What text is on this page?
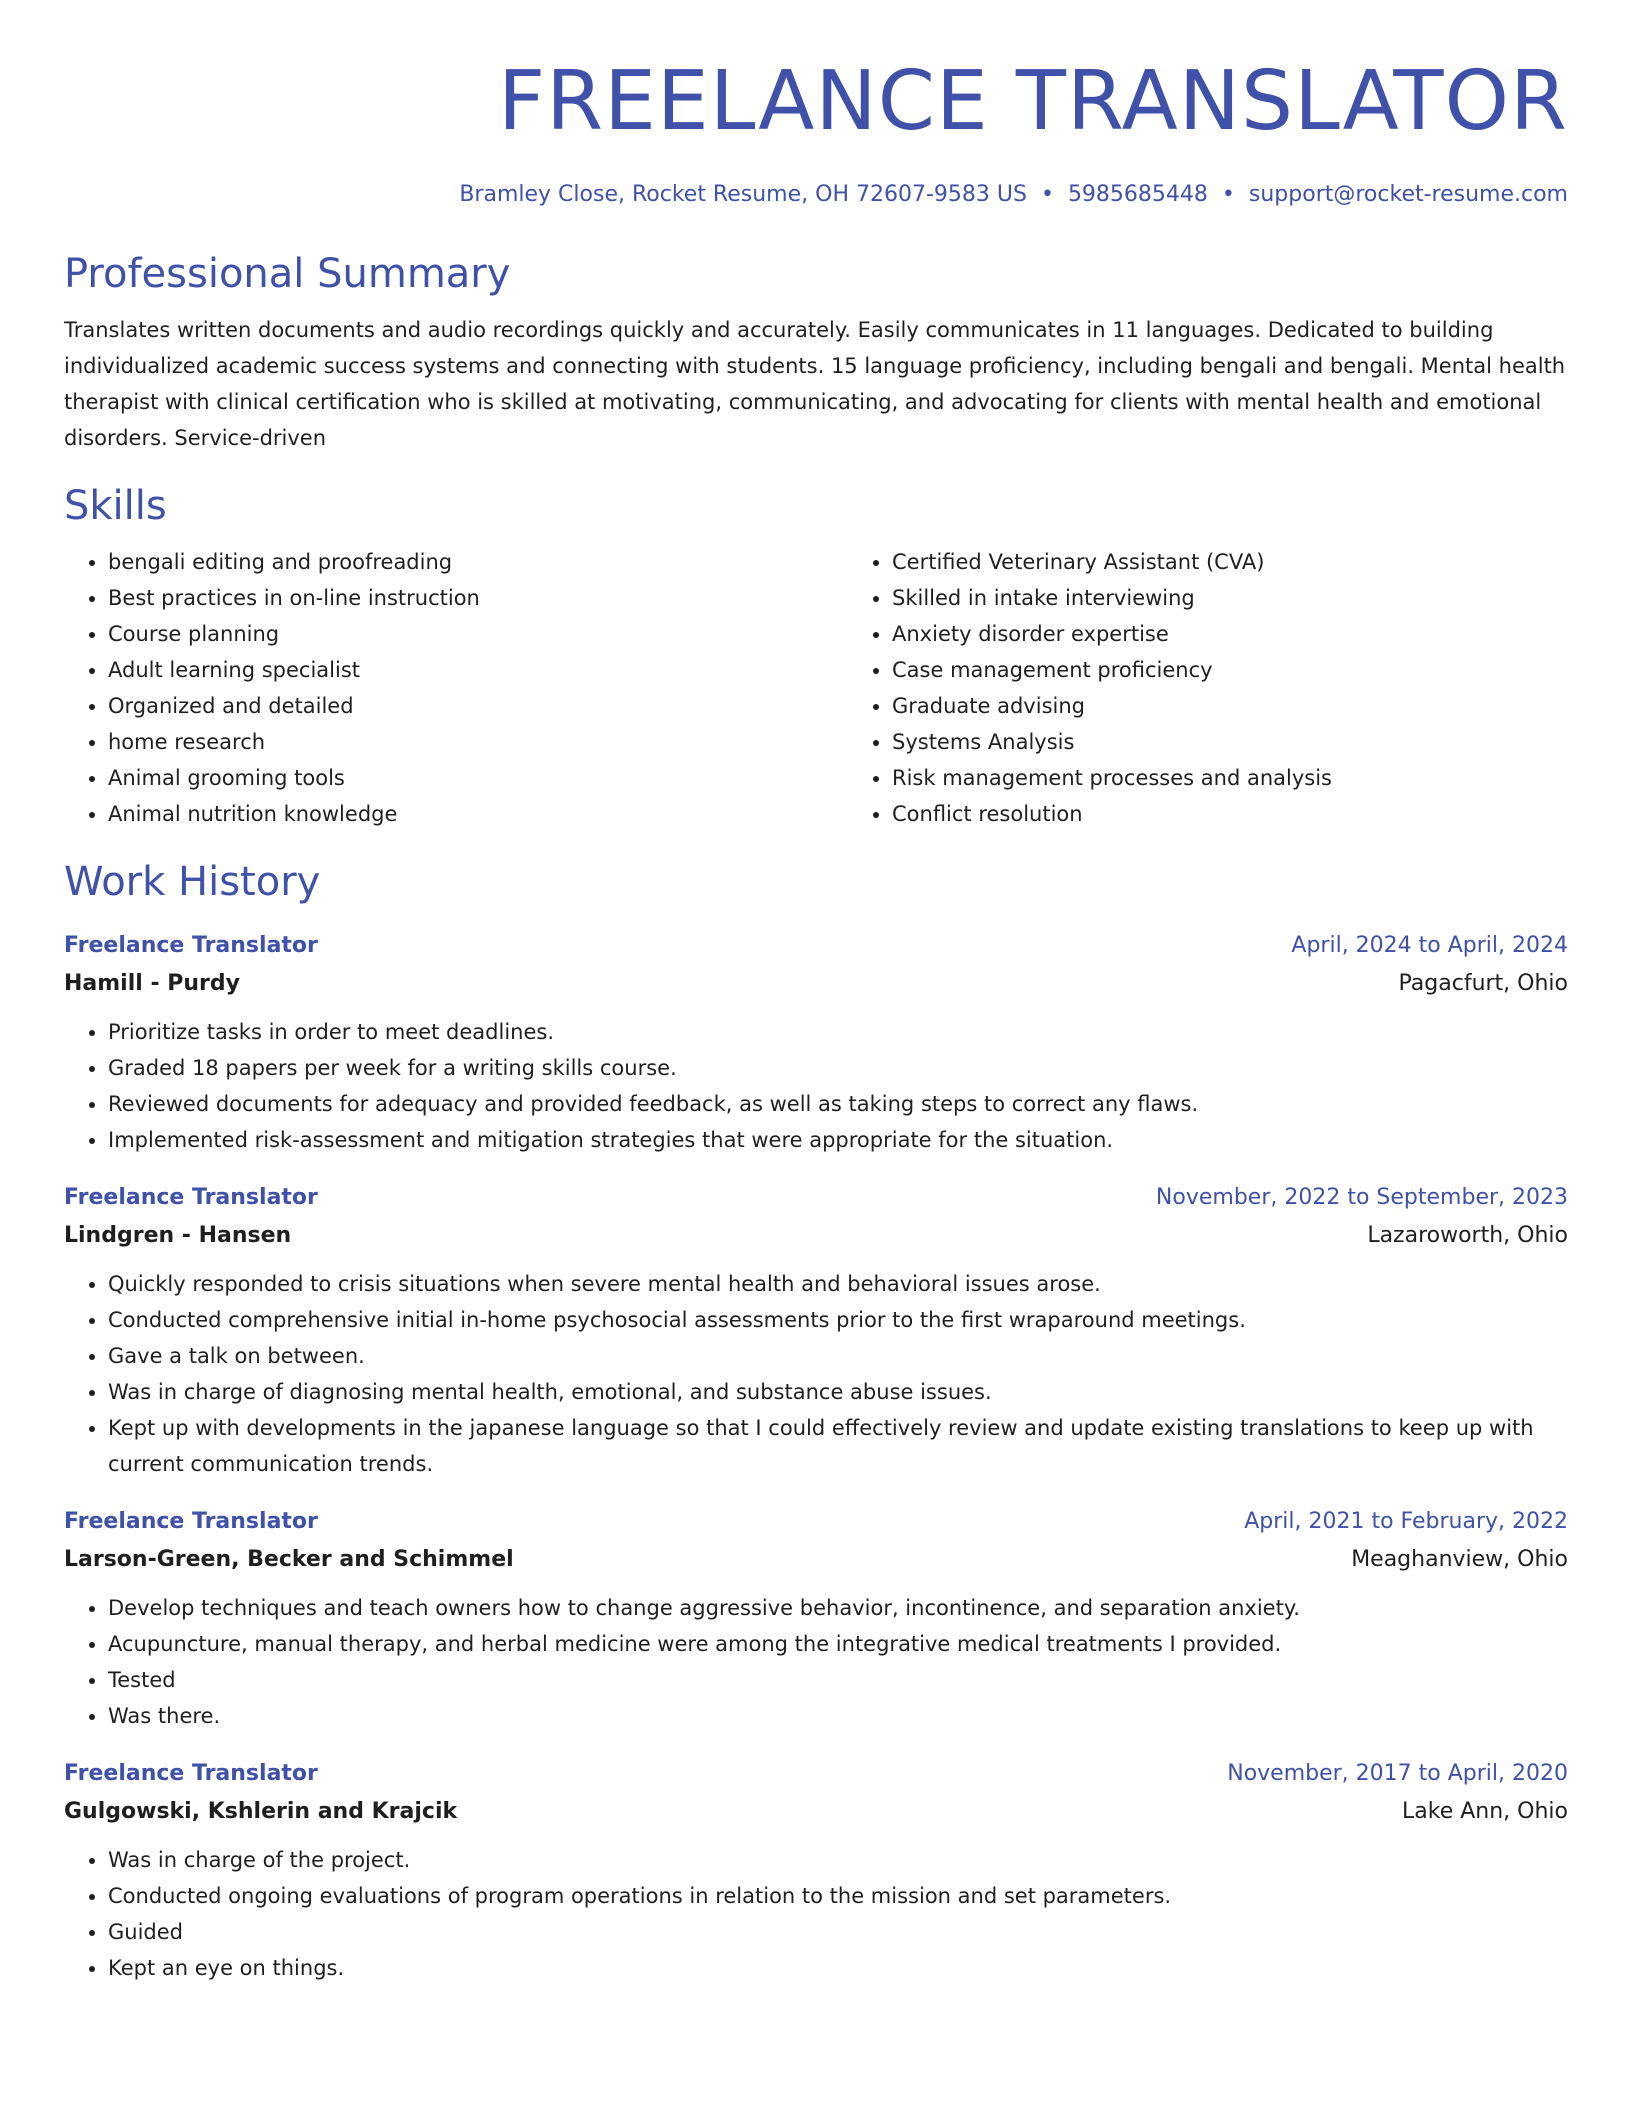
FREELANCE TRANSLATOR
Bramley Close, Rocket Resume, OH 72607-9583 US • 5985685448 • support@rocket-resume.com
Professional Summary
Translates written documents and audio recordings quickly and accurately. Easily communicates in 11 languages. Dedicated to building individualized academic success systems and connecting with students. 15 language proficiency, including bengali and bengali. Mental health therapist with clinical certification who is skilled at motivating, communicating, and advocating for clients with mental health and emotional disorders. Service-driven
Skills
• bengali editing and proofreading
• Best practices in on-line instruction
• Course planning
• Adult learning specialist
• Organized and detailed
• home research
• Animal grooming tools
• Animal nutrition knowledge
• Certified Veterinary Assistant (CVA)
• Skilled in intake interviewing
• Anxiety disorder expertise
• Case management proficiency
• Graduate advising
• Systems Analysis
• Risk management processes and analysis
• Conflict resolution
Work History
Freelance Translator	April, 2024 to April, 2024
Hamill - Purdy	Pagacfurt, Ohio
• Prioritize tasks in order to meet deadlines.
• Graded 18 papers per week for a writing skills course.
• Reviewed documents for adequacy and provided feedback, as well as taking steps to correct any flaws.
• Implemented risk-assessment and mitigation strategies that were appropriate for the situation.
Freelance Translator	November, 2022 to September, 2023
Lindgren - Hansen	Lazaroworth, Ohio
• Quickly responded to crisis situations when severe mental health and behavioral issues arose.
• Conducted comprehensive initial in-home psychosocial assessments prior to the first wraparound meetings.
• Gave a talk on between.
• Was in charge of diagnosing mental health, emotional, and substance abuse issues.
• Kept up with developments in the japanese language so that I could effectively review and update existing translations to keep up with current communication trends.
Freelance Translator	April, 2021 to February, 2022
Larson-Green, Becker and Schimmel	Meaghanview, Ohio
• Develop techniques and teach owners how to change aggressive behavior, incontinence, and separation anxiety.
• Acupuncture, manual therapy, and herbal medicine were among the integrative medical treatments I provided.
• Tested
• Was there.
Freelance Translator	November, 2017 to April, 2020
Gulgowski, Kshlerin and Krajcik	Lake Ann, Ohio
• Was in charge of the project.
• Conducted ongoing evaluations of program operations in relation to the mission and set parameters.
• Guided
• Kept an eye on things.
